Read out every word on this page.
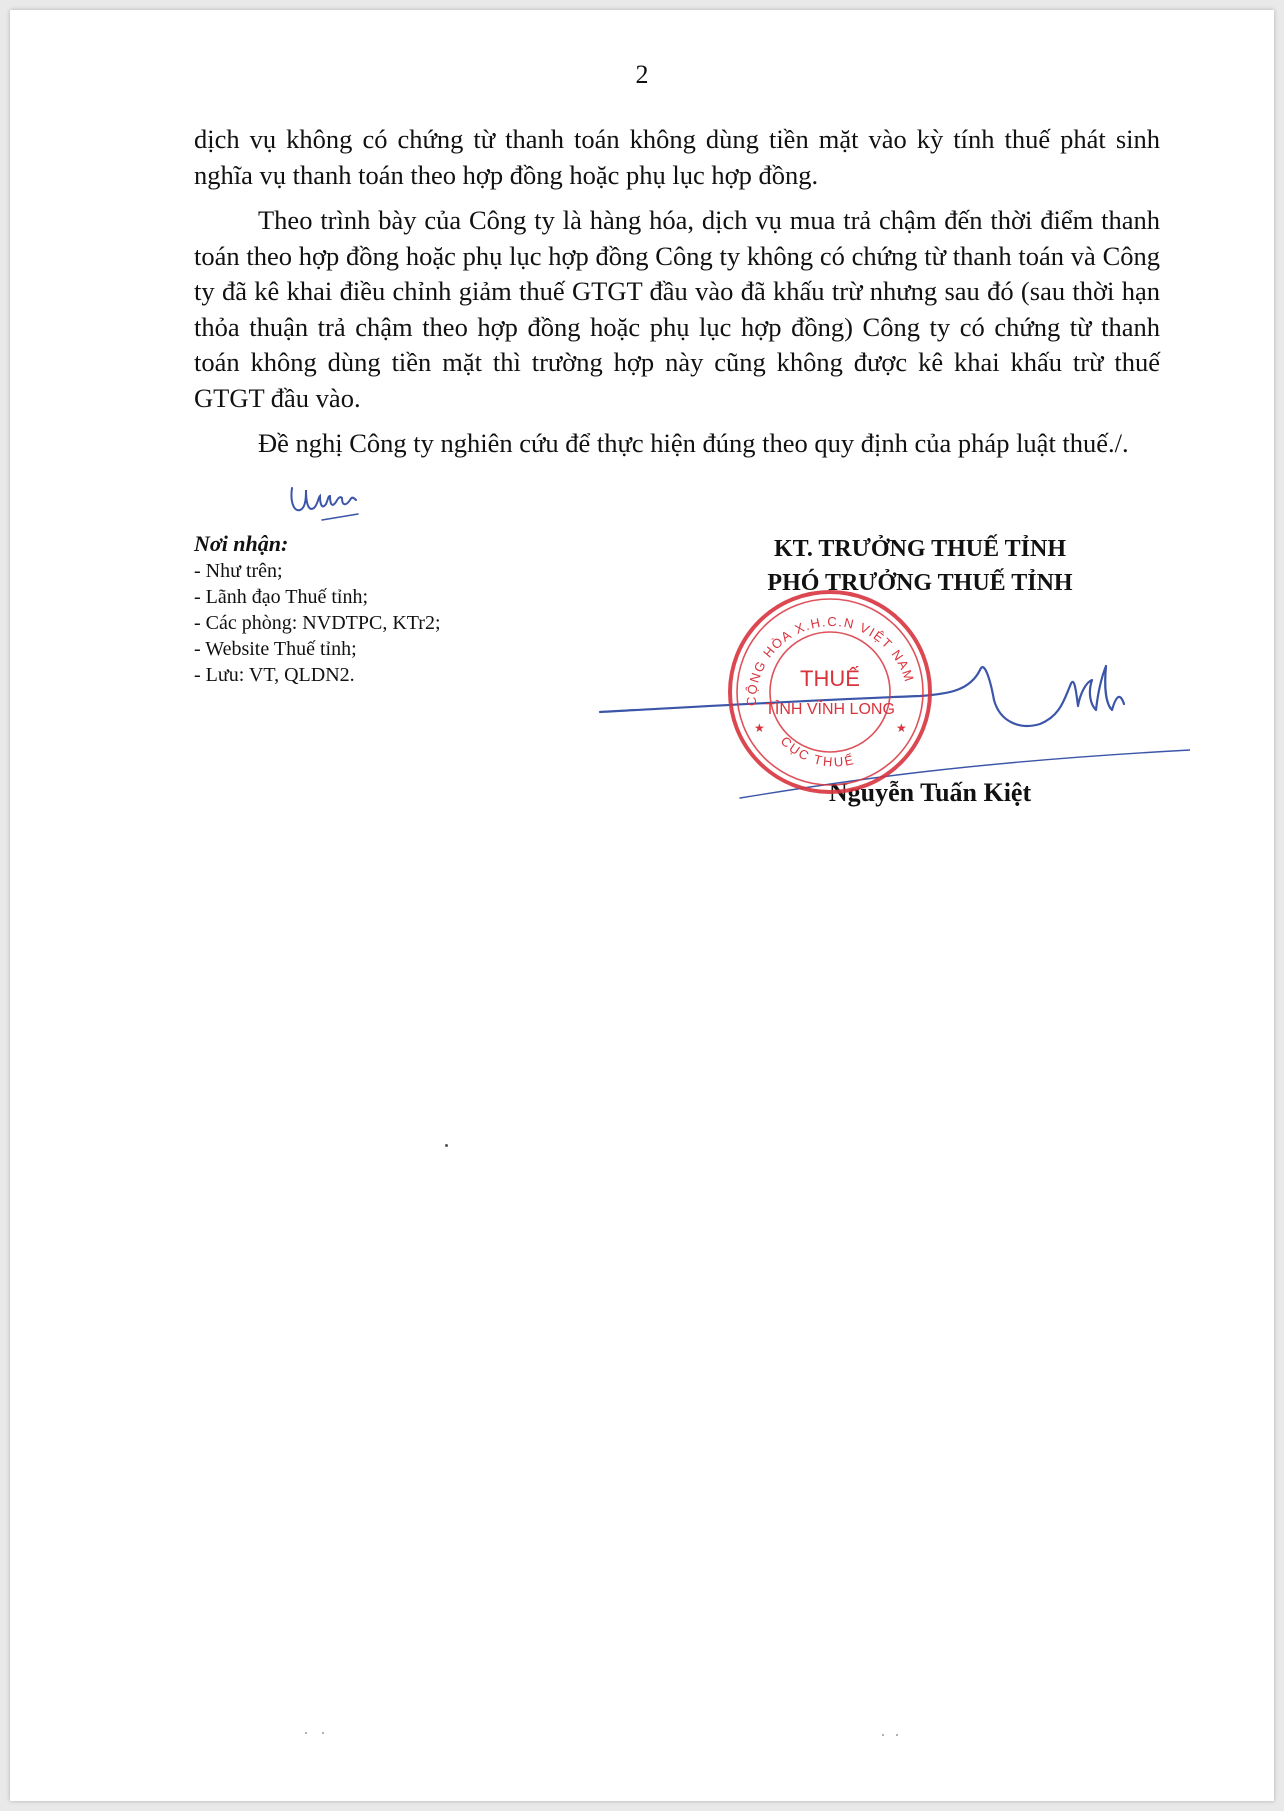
2

dịch vụ không có chứng từ thanh toán không dùng tiền mặt vào kỳ tính thuế phát sinh nghĩa vụ thanh toán theo hợp đồng hoặc phụ lục hợp đồng.

Theo trình bày của Công ty là hàng hóa, dịch vụ mua trả chậm đến thời điểm thanh toán theo hợp đồng hoặc phụ lục hợp đồng Công ty không có chứng từ thanh toán và Công ty đã kê khai điều chỉnh giảm thuế GTGT đầu vào đã khấu trừ nhưng sau đó (sau thời hạn thỏa thuận trả chậm theo hợp đồng hoặc phụ lục hợp đồng) Công ty có chứng từ thanh toán không dùng tiền mặt thì trường hợp này cũng không được kê khai khấu trừ thuế GTGT đầu vào.

Đề nghị Công ty nghiên cứu để thực hiện đúng theo quy định của pháp luật thuế./.

Nơi nhận:
- Như trên;
- Lãnh đạo Thuế tỉnh;
- Các phòng: NVDTPC, KTr2;
- Website Thuế tỉnh;
- Lưu: VT, QLDN2.
KT. TRƯỞNG THUẾ TỈNH
PHÓ TRƯỞNG THUẾ TỈNH
Nguyễn Tuấn Kiệt
CỘNG HÒA X.H.C.N VIỆT NAM
CỤC THUẾ
THUẾ
TỈNH VĨNH LONG
★	★
